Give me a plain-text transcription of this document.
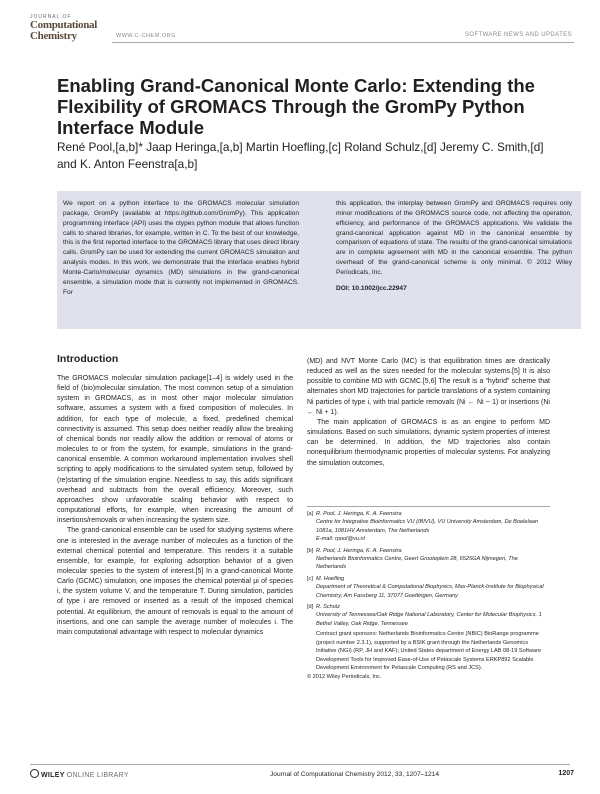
JOURNAL OF
Computational
Chemistry	WWW.C-CHEM.ORG	SOFTWARE NEWS AND UPDATES
Enabling Grand-Canonical Monte Carlo: Extending the Flexibility of GROMACS Through the GromPy Python Interface Module
René Pool,[a,b]* Jaap Heringa,[a,b] Martin Hoefling,[c] Roland Schulz,[d] Jeremy C. Smith,[d]
and K. Anton Feenstra[a,b]
We report on a python interface to the GROMACS molecular simulation package, GromPy (available at https://github.com/GromPy). This application programming interface (API) uses the ctypes python module that allows function calls to shared libraries, for example, written in C. To the best of our knowledge, this is the first reported interface to the GROMACS library that uses direct library calls. GromPy can be used for extending the current GROMACS simulation and analysis modes. In this work, we demonstrate that the interface enables hybrid Monte-Carlo/molecular dynamics (MD) simulations in the grand-canonical ensemble, a simulation mode that is currently not implemented in GROMACS. For
this application, the interplay between GromPy and GROMACS requires only minor modifications of the GROMACS source code, not affecting the operation, efficiency, and performance of the GROMACS applications. We validate the grand-canonical application against MD in the canonical ensemble by comparison of equations of state. The results of the grand-canonical simulations are in complete agreement with MD in the canonical ensemble. The python overhead of the grand-canonical scheme is only minimal. © 2012 Wiley Periodicals, Inc.
DOI: 10.1002/jcc.22947
Introduction

The GROMACS molecular simulation package[1–4] is widely used in the field of (bio)molecular simulation. The most common setup of a simulation system in GROMACS, as in most other major molecular simulation software, assumes a system with a fixed composition of molecules. In addition, for each type of molecule, a fixed, predefined chemical connectivity is assumed. This setup does neither readily allow the breaking of chemical bonds nor readily allow the addition or removal of atoms or molecules to or from the system, for example, simulations in the grand-canonical ensemble. A common workaround implementation involves shell scripting to apply modifications to the simulated system setup, followed by (re)starting of the simulation engine. Needless to say, this adds significant overhead and subtracts from the overall efficiency. Moreover, such approaches show unfavorable scaling behavior with respect to computational efforts, for example, when increasing the amount of insertions/removals or when increasing the system size.

The grand-canonical ensemble can be used for studying systems where one is interested in the average number of molecules as a function of the external chemical potential and temperature. This renders it a suitable ensemble, for example, for exploring adsorption behavior of a given molecular species to the system of interest.[5] In a grand-canonical Monte Carlo (GCMC) simulation, one imposes the chemical potential μi of species i, the system volume V, and the temperature T. During simulation, particles of type i are removed or inserted as a result of the imposed chemical potential. At equilibrium, the amount of removals is equal to the amount of insertions, and one can sample the average number of molecules i. The main computational advantage with respect to molecular dynamics

(MD) and NVT Monte Carlo (MC) is that equilibration times are drastically reduced as well as the sizes needed for the molecular systems.[5] It is also possible to combine MD with GCMC.[5,6] The result is a “hybrid” scheme that alternates short MD trajectories for particle translations of a system containing Ni particles of type i, with trial particle removals (Ni ← Ni − 1) or insertions (Ni ← Ni + 1).

The main application of GROMACS is as an engine to perform MD simulations. Based on such simulations, dynamic system properties of interest can be determined. In addition, the MD trajectories also contain nonequilibrium thermodynamic properties of molecular systems. For analyzing the simulation outcomes,

[a] R. Pool, J. Heringa, K. A. Feenstra
Centre for Integrative Bioinformatics VU (IBIVU), VU University Amsterdam, De Boelelaan 1081a, 1081HV Amsterdam, The Netherlands
E-mail: rpool@vu.nl
[b] R. Pool, J. Heringa, K. A. Feenstra
Netherlands Bioinformatics Centre, Geert Grooteplein 28, 6525GA Nijmegen, The Netherlands
[c] M. Hoefling
Department of Theoretical & Computational Biophysics, Max-Planck-Institute for Biophysical Chemistry, Am Fassberg 11, 37077 Goettingen, Germany
[d] R. Schulz
University of Tennessee/Oak Ridge National Laboratory, Center for Molecular Biophysics, 1 Bethel Valley, Oak Ridge, Tennessee
Contract grant sponsors: Netherlands Bioinformatics Centre (NBIC) BioRange programme (project number 2.3.1), supported by a BSIK grant through the Netherlands Genomics Initiative (NGI) (RP, JH and KAF); United States department of Energy LAB 08-19 Software Development Tools for Improved Ease-of-Use of Petascale Systems ERKP892 Scalable Development Environment for Petascale Computing (RS and JCS).
© 2012 Wiley Periodicals, Inc.
WILEY ONLINE LIBRARY	Journal of Computational Chemistry 2012, 33, 1207–1214	1207
